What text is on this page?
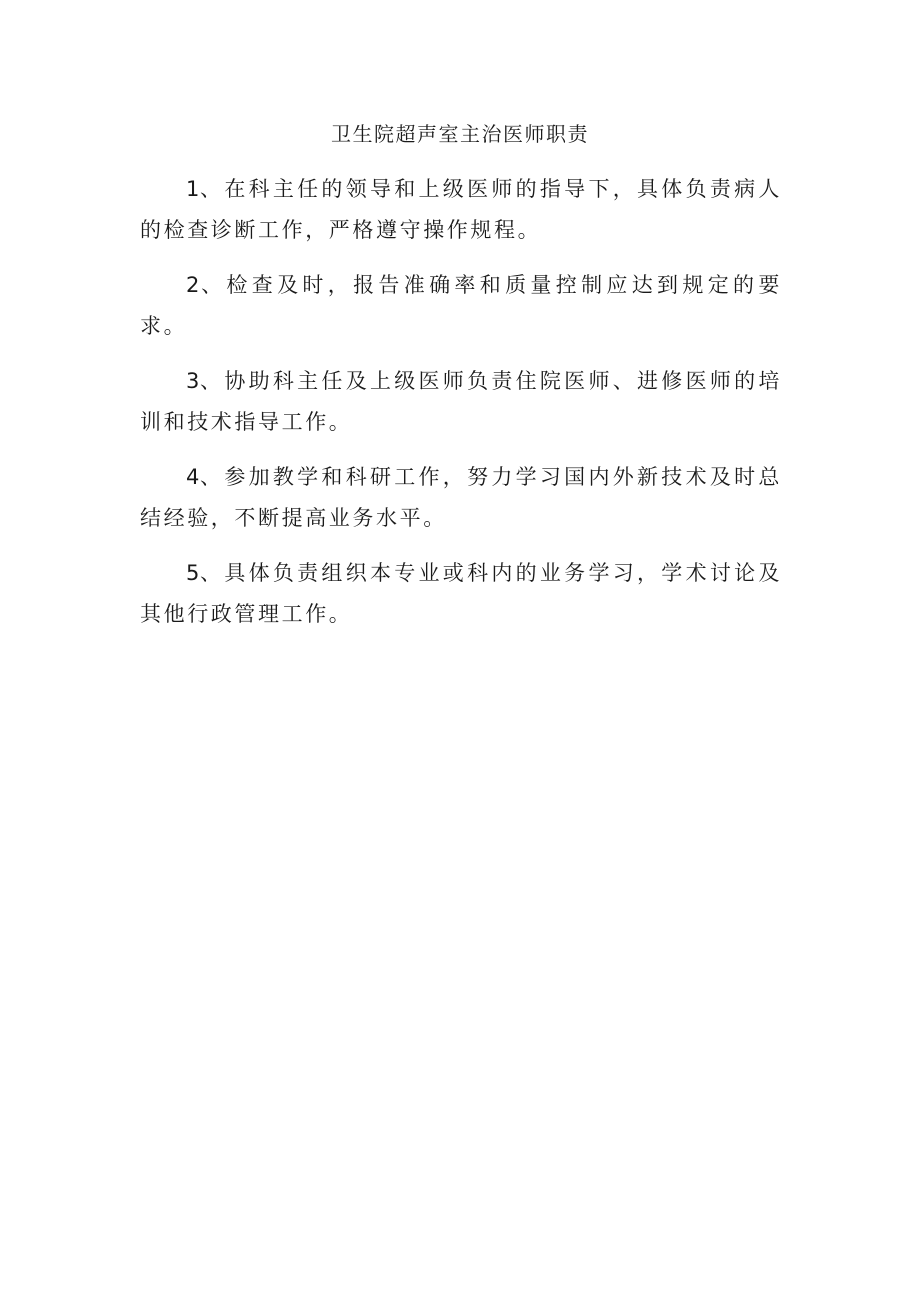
卫生院超声室主治医师职责

1、在科主任的领导和上级医师的指导下，具体负责病人的检查诊断工作，严格遵守操作规程。

2、检查及时，报告准确率和质量控制应达到规定的要求。

3、协助科主任及上级医师负责住院医师、进修医师的培训和技术指导工作。

4、参加教学和科研工作，努力学习国内外新技术及时总结经验，不断提高业务水平。

5、具体负责组织本专业或科内的业务学习，学术讨论及其他行政管理工作。
